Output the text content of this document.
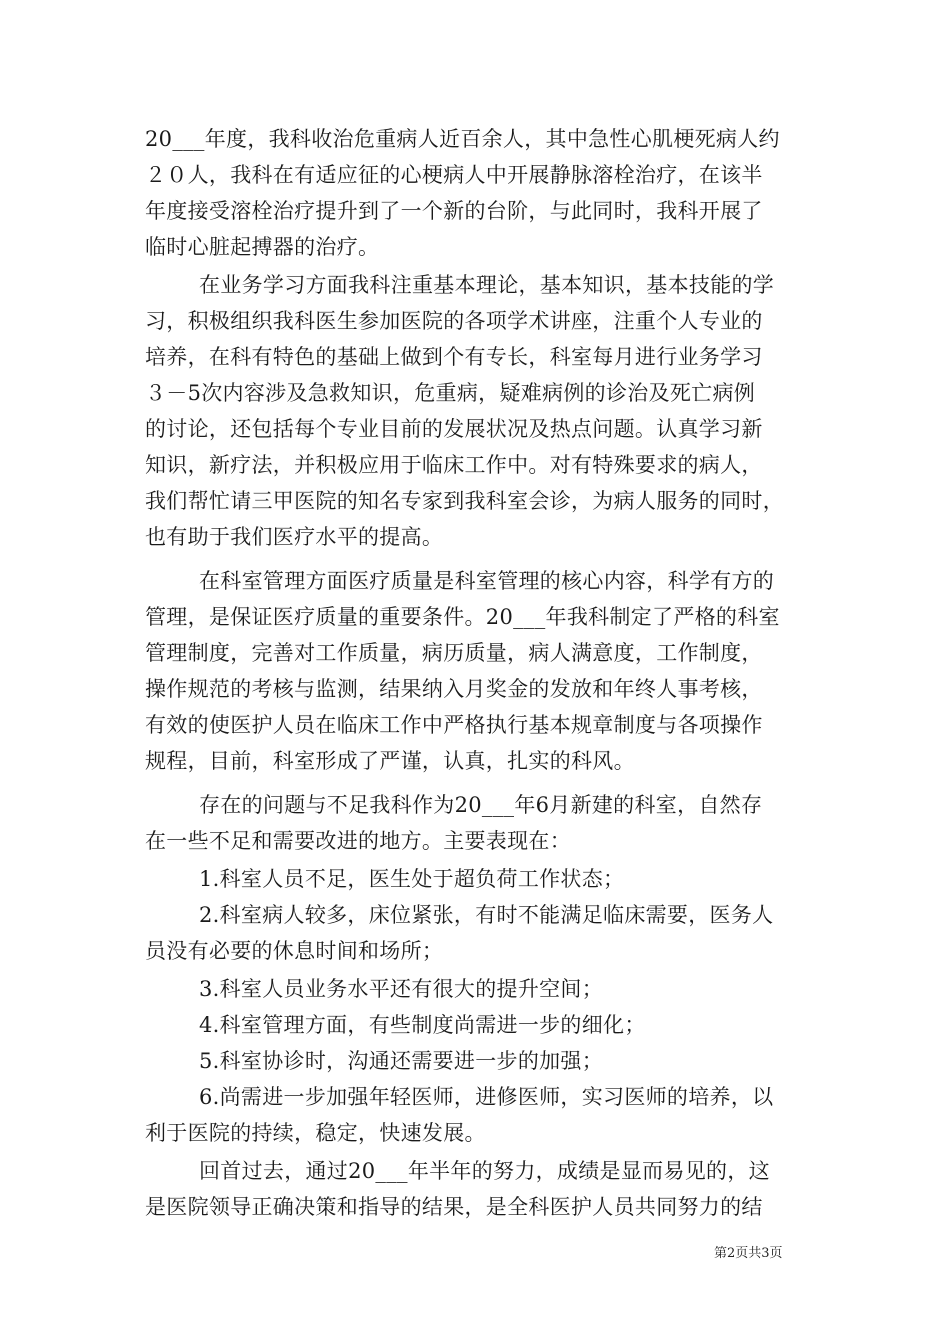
20___年度，我科收治危重病人近百余人，其中急性心肌梗死病人约
２０人，我科在有适应征的心梗病人中开展静脉溶栓治疗，在该半
年度接受溶栓治疗提升到了一个新的台阶，与此同时，我科开展了
临时心脏起搏器的治疗。
在业务学习方面我科注重基本理论，基本知识，基本技能的学
习，积极组织我科医生参加医院的各项学术讲座，注重个人专业的
培养，在科有特色的基础上做到个有专长，科室每月进行业务学习
３－5次内容涉及急救知识，危重病，疑难病例的诊治及死亡病例
的讨论，还包括每个专业目前的发展状况及热点问题。认真学习新
知识，新疗法，并积极应用于临床工作中。对有特殊要求的病人，
我们帮忙请三甲医院的知名专家到我科室会诊，为病人服务的同时，
也有助于我们医疗水平的提高。
在科室管理方面医疗质量是科室管理的核心内容，科学有方的
管理，是保证医疗质量的重要条件。20___年我科制定了严格的科室
管理制度，完善对工作质量，病历质量，病人满意度，工作制度，
操作规范的考核与监测，结果纳入月奖金的发放和年终人事考核，
有效的使医护人员在临床工作中严格执行基本规章制度与各项操作
规程，目前，科室形成了严谨，认真，扎实的科风。
存在的问题与不足我科作为20___年6月新建的科室，自然存
在一些不足和需要改进的地方。主要表现在：
1.科室人员不足，医生处于超负荷工作状态；
2.科室病人较多，床位紧张，有时不能满足临床需要，医务人
员没有必要的休息时间和场所；
3.科室人员业务水平还有很大的提升空间；
4.科室管理方面，有些制度尚需进一步的细化；
5.科室协诊时，沟通还需要进一步的加强；
6.尚需进一步加强年轻医师，进修医师，实习医师的培养，以
利于医院的持续，稳定，快速发展。
回首过去，通过20___年半年的努力，成绩是显而易见的，这
是医院领导正确决策和指导的结果，是全科医护人员共同努力的结
第2页共3页
